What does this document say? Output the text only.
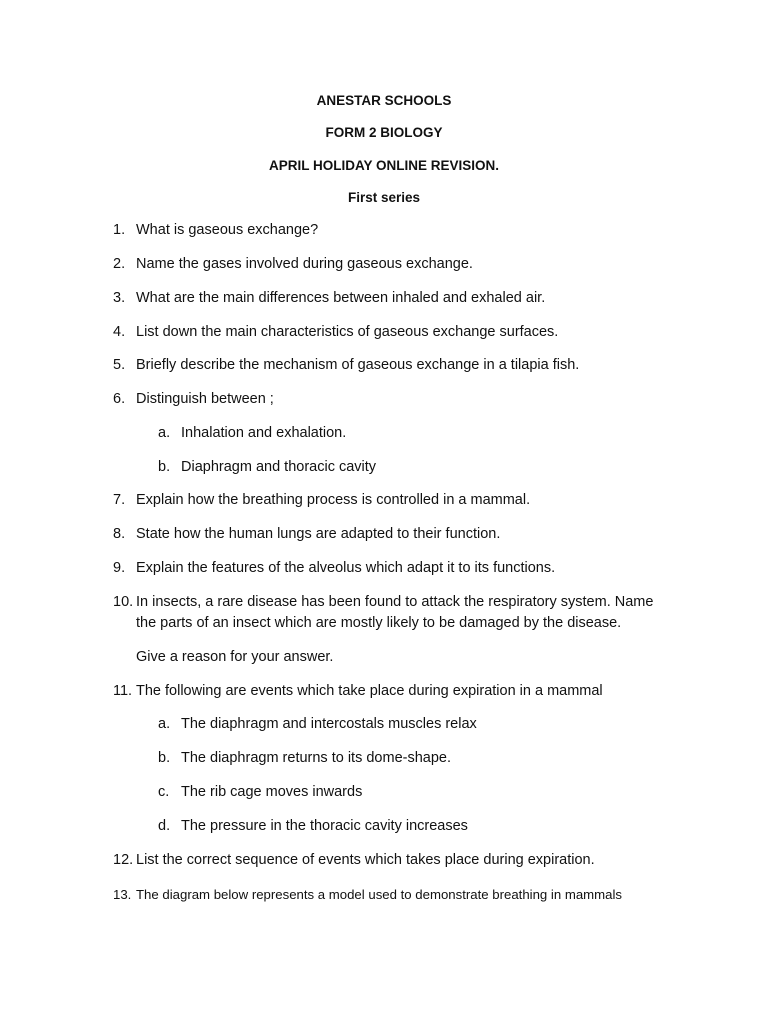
ANESTAR SCHOOLS
FORM 2 BIOLOGY
APRIL HOLIDAY ONLINE REVISION.
First series
1. What is gaseous exchange?
2. Name the gases involved during gaseous exchange.
3. What are the main differences between inhaled and exhaled air.
4. List down the main characteristics of gaseous exchange surfaces.
5. Briefly describe the mechanism of gaseous exchange in a tilapia fish.
6. Distinguish between ;
a. Inhalation and exhalation.
b. Diaphragm and thoracic cavity
7. Explain how the breathing process is controlled in a mammal.
8. State how the human lungs are adapted to their function.
9. Explain the features of the alveolus which adapt it to its functions.
10. In insects, a rare disease has been found to attack the respiratory system. Name
the parts of an insect which are mostly likely to be damaged by the disease.
Give a reason for your answer.
11. The following are events which take place during expiration in a mammal
a. The diaphragm and intercostals muscles relax
b. The diaphragm returns to its dome-shape.
c. The rib cage moves inwards
d. The pressure in the thoracic cavity increases
12. List the correct sequence of events which takes place during expiration.
13. The diagram below represents a model used to demonstrate breathing in mammals
